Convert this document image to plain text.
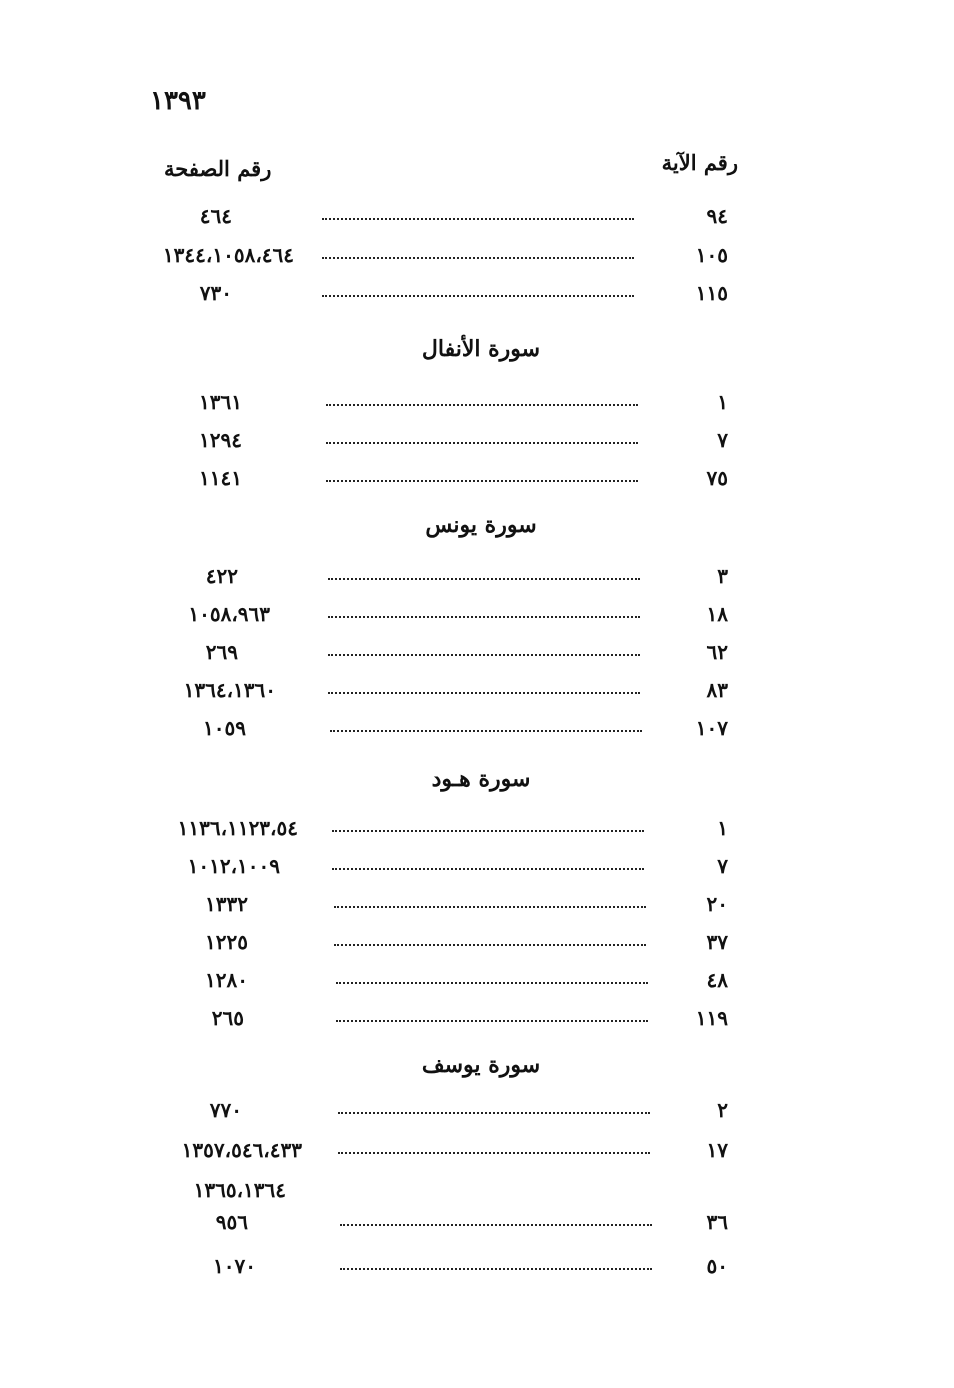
١٣٩٣
رقم الآية
رقم الصفحة
٩٤
٤٦٤
١٠٥
١٣٤٤،١٠٥٨،٤٦٤
١١٥
٧٣٠
سورة الأنفال
١
١٣٦١
٧
١٢٩٤
٧٥
١١٤١
سورة يونس
٣
٤٢٢
١٨
١٠٥٨،٩٦٣
٦٢
٢٦٩
٨٣
١٣٦٤،١٣٦٠
١٠٧
١٠٥٩
سورة هـود
١
١١٣٦،١١٢٣،٥٤
٧
١٠١٢،١٠٠٩
٢٠
١٣٣٢
٣٧
١٢٢٥
٤٨
١٢٨٠
١١٩
٢٦٥
سورة يوسف
٢
٧٧٠
١٧
١٣٥٧،٥٤٦،٤٣٣
١٣٦٥،١٣٦٤
٣٦
٩٥٦
٥٠
١٠٧٠
